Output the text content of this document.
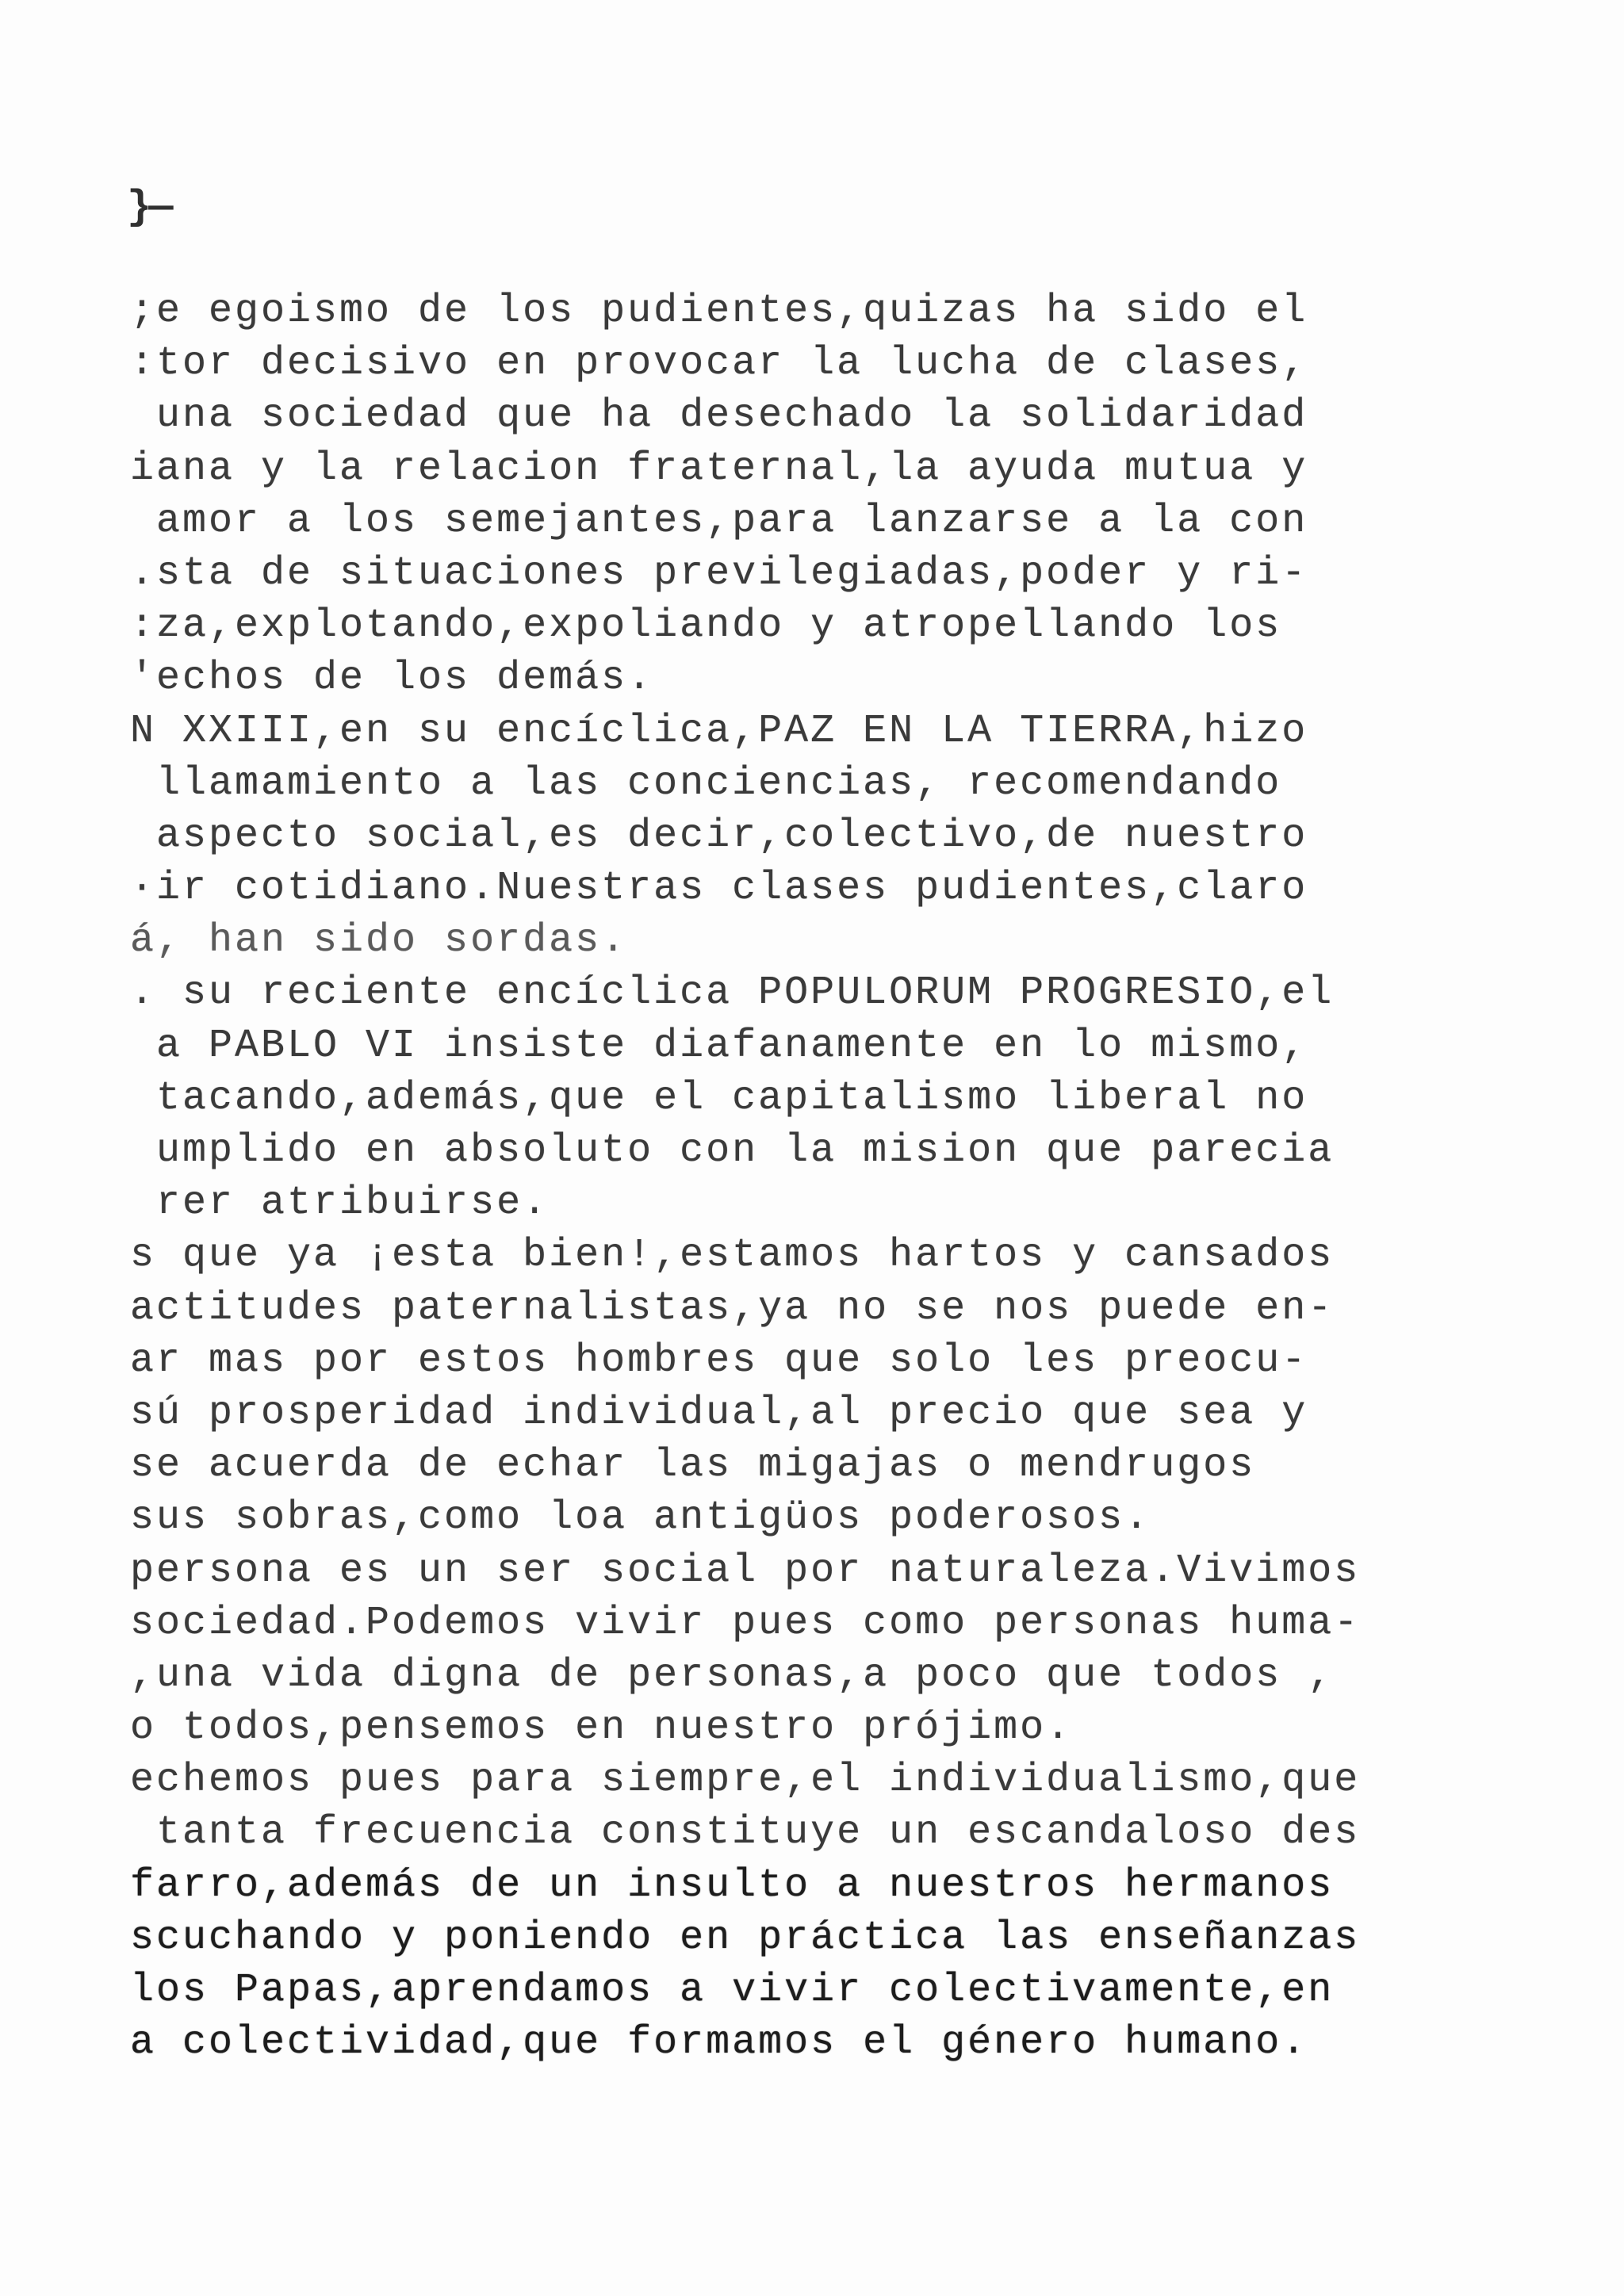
}—
;e egoismo de los pudientes,quizas ha sido el
:tor decisivo en provocar la lucha de clases,
una sociedad que ha desechado la solidaridad
iana y la relacion fraternal,la ayuda mutua y
amor a los semejantes,para lanzarse a la con
.sta de situaciones previlegiadas,poder y ri-
:za,explotando,expoliando y atropellando los
'echos de los demás.
N XXIII,en su encíclica,PAZ EN LA TIERRA,hizo
llamamiento a las conciencias, recomendando
aspecto social,es decir,colectivo,de nuestro
·ir cotidiano.Nuestras clases pudientes,claro
á, han sido sordas.
. su reciente encíclica POPULORUM PROGRESIO,el
a PABLO VI insiste diafanamente en lo mismo,
tacando,además,que el capitalismo liberal no
umplido en absoluto con la mision que parecia
rer atribuirse.
s que ya ¡esta bien!,estamos hartos y cansados
actitudes paternalistas,ya no se nos puede en-
ar mas por estos hombres que solo les preocu-
sú prosperidad individual,al precio que sea y
se acuerda de echar las migajas o mendrugos
sus sobras,como loa antigüos poderosos.
persona es un ser social por naturaleza.Vivimos
sociedad.Podemos vivir pues como personas huma-
,una vida digna de personas,a poco que todos ,
o todos,pensemos en nuestro prójimo.
echemos pues para siempre,el individualismo,que
tanta frecuencia constituye un escandaloso des
farro,además de un insulto a nuestros hermanos
scuchando y poniendo en práctica las enseñanzas
los Papas,aprendamos a vivir colectivamente,en
a colectividad,que formamos el género humano.
